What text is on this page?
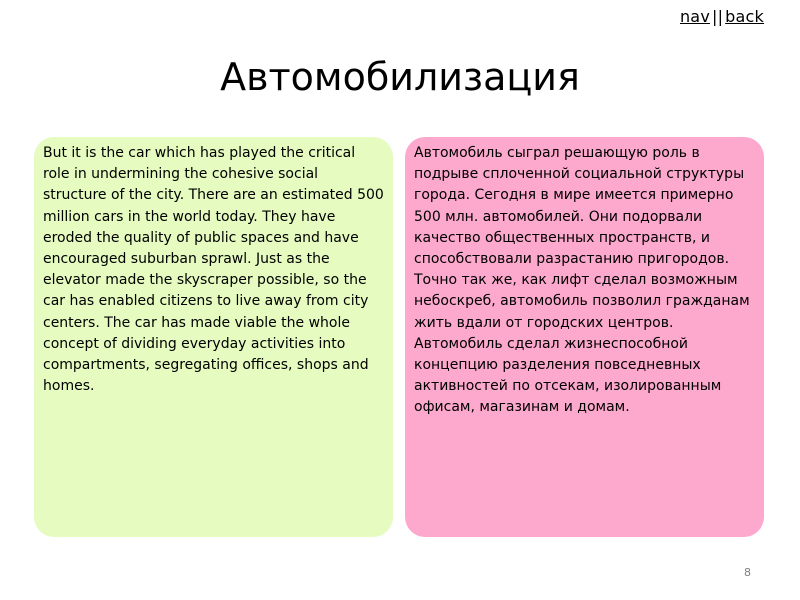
nav || back
Автомобилизация
But it is the car which has played the critical role in undermining the cohesive social structure of the city. There are an estimated 500 million cars in the world today. They have eroded the quality of public spaces and have encouraged suburban sprawl. Just as the elevator made the skyscraper possible, so the car has enabled citizens to live away from city centers. The car has made viable the whole concept of dividing everyday activities into compartments, segregating offices, shops and homes.
Автомобиль сыграл решающую роль в подрыве сплоченной социальной структуры города. Сегодня в мире имеется примерно 500 млн. автомобилей. Они подорвали качество общественных пространств, и способствовали разрастанию пригородов. Точно так же, как лифт сделал возможным небоскреб, автомобиль позволил гражданам жить вдали от городских центров. Автомобиль сделал жизнеспособной концепцию разделения повседневных активностей по отсекам, изолированным офисам, магазинам и домам.
8
